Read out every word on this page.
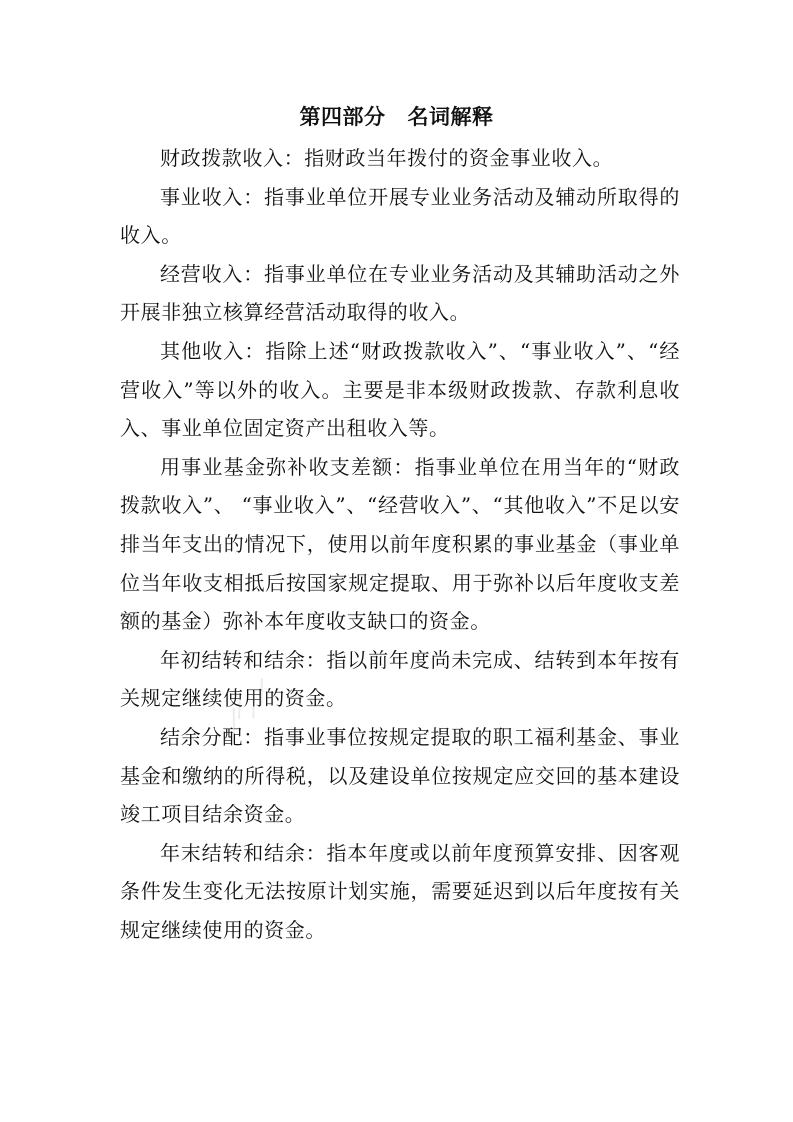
第四部分 名词解释

财政拨款收入：指财政当年拨付的资金事业收入。

事业收入：指事业单位开展专业业务活动及辅动所取得的收入。

经营收入：指事业单位在专业业务活动及其辅助活动之外开展非独立核算经营活动取得的收入。

其他收入：指除上述“财政拨款收入”、“事业收入”、“经营收入”等以外的收入。主要是非本级财政拨款、存款利息收入、事业单位固定资产出租收入等。

用事业基金弥补收支差额：指事业单位在用当年的“财政拨款收入”、 “事业收入”、“经营收入”、“其他收入”不足以安排当年支出的情况下，使用以前年度积累的事业基金（事业单位当年收支相抵后按国家规定提取、用于弥补以后年度收支差额的基金）弥补本年度收支缺口的资金。

年初结转和结余：指以前年度尚未完成、结转到本年按有关规定继续使用的资金。

结余分配：指事业事位按规定提取的职工福利基金、事业基金和缴纳的所得税，以及建设单位按规定应交回的基本建设竣工项目结余资金。

年末结转和结余：指本年度或以前年度预算安排、因客观条件发生变化无法按原计划实施，需要延迟到以后年度按有关规定继续使用的资金。
